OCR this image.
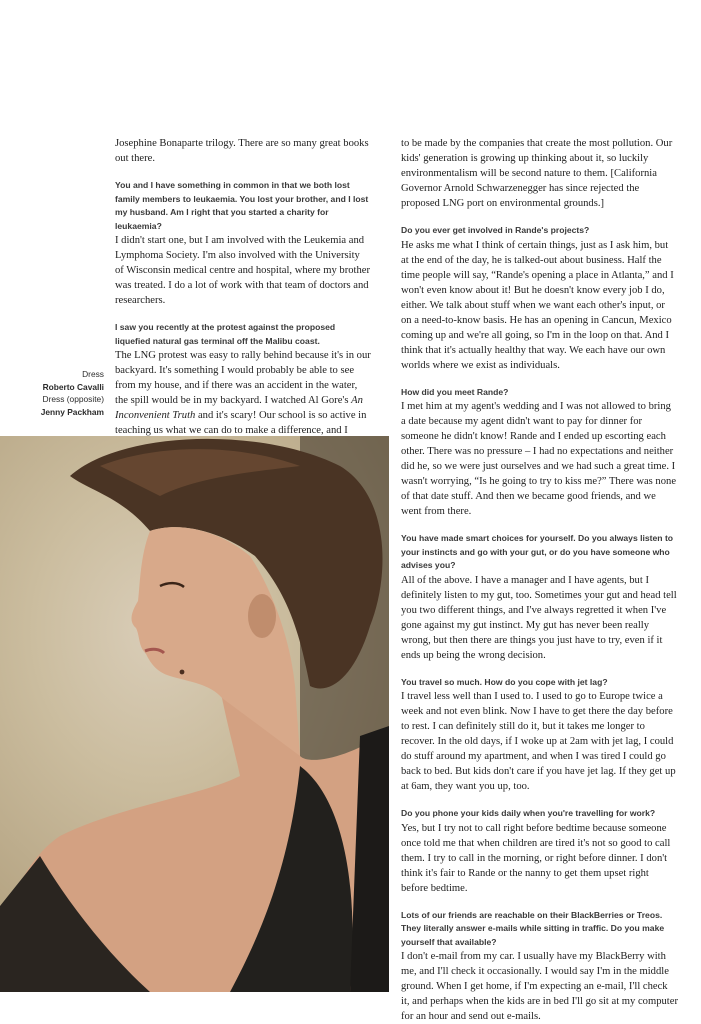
Josephine Bonaparte trilogy. There are so many great books out there.

You and I have something in common in that we both lost family members to leukaemia. You lost your brother, and I lost my husband. Am I right that you started a charity for leukaemia?

I didn't start one, but I am involved with the Leukemia and Lymphoma Society. I'm also involved with the University of Wisconsin medical centre and hospital, where my brother was treated. I do a lot of work with that team of doctors and researchers.

I saw you recently at the protest against the proposed liquefied natural gas terminal off the Malibu coast.

The LNG protest was easy to rally behind because it's in our backyard. It's something I would probably be able to see from my house, and if there was an accident in the water, the spill would be in my backyard. I watched Al Gore's An Inconvenient Truth and it's scary! Our school is so active in teaching us what we can do to make a difference, and I

Dress
Roberto Cavalli
Dress (opposite)
Jenny Packham

to be made by the companies that create the most pollution. Our kids' generation is growing up thinking about it, so luckily environmentalism will be second nature to them. [California Governor Arnold Schwarzenegger has since rejected the proposed LNG port on environmental grounds.]

Do you ever get involved in Rande's projects?

He asks me what I think of certain things, just as I ask him, but at the end of the day, he is talked-out about business. Half the time people will say, “Rande's opening a place in Atlanta,” and I won't even know about it! But he doesn't know every job I do, either. We talk about stuff when we want each other's input, or on a need-to-know basis. He has an opening in Cancun, Mexico coming up and we're all going, so I'm in the loop on that. And I think that it's actually healthy that way. We each have our own worlds where we exist as individuals.

How did you meet Rande?

I met him at my agent's wedding and I was not allowed to bring a date because my agent didn't want to pay for dinner for someone he didn't know! Rande and I ended up escorting each other. There was no pressure – I had no expectations and neither did he, so we were just ourselves and we had such a great time. I wasn't worrying, “Is he going to try to kiss me?” There was none of that date stuff. And then we became good friends, and we went from there.

You have made smart choices for yourself. Do you always listen to your instincts and go with your gut, or do you have someone who advises you?

All of the above. I have a manager and I have agents, but I definitely listen to my gut, too. Sometimes your gut and head tell you two different things, and I've always regretted it when I've gone against my gut instinct. My gut has never been really wrong, but then there are things you just have to try, even if it ends up being the wrong decision.

You travel so much. How do you cope with jet lag?

I travel less well than I used to. I used to go to Europe twice a week and not even blink. Now I have to get there the day before to rest. I can definitely still do it, but it takes me longer to recover. In the old days, if I woke up at 2am with jet lag, I could do stuff around my apartment, and when I was tired I could go back to bed. But kids don't care if you have jet lag. If they get up at 6am, they want you up, too.

Do you phone your kids daily when you're travelling for work?

Yes, but I try not to call right before bedtime because someone once told me that when children are tired it's not so good to call them. I try to call in the morning, or right before dinner. I don't think it's fair to Rande or the nanny to get them upset right before bedtime.

Lots of our friends are reachable on their BlackBerries or Treos. They literally answer e-mails while sitting in traffic. Do you make yourself that available?

I don't e-mail from my car. I usually have my BlackBerry with me, and I'll check it occasionally. I would say I'm in the middle ground. When I get home, if I'm expecting an e-mail, I'll check it, and perhaps when the kids are in bed I'll go sit at my computer for an hour and send out e-mails.
